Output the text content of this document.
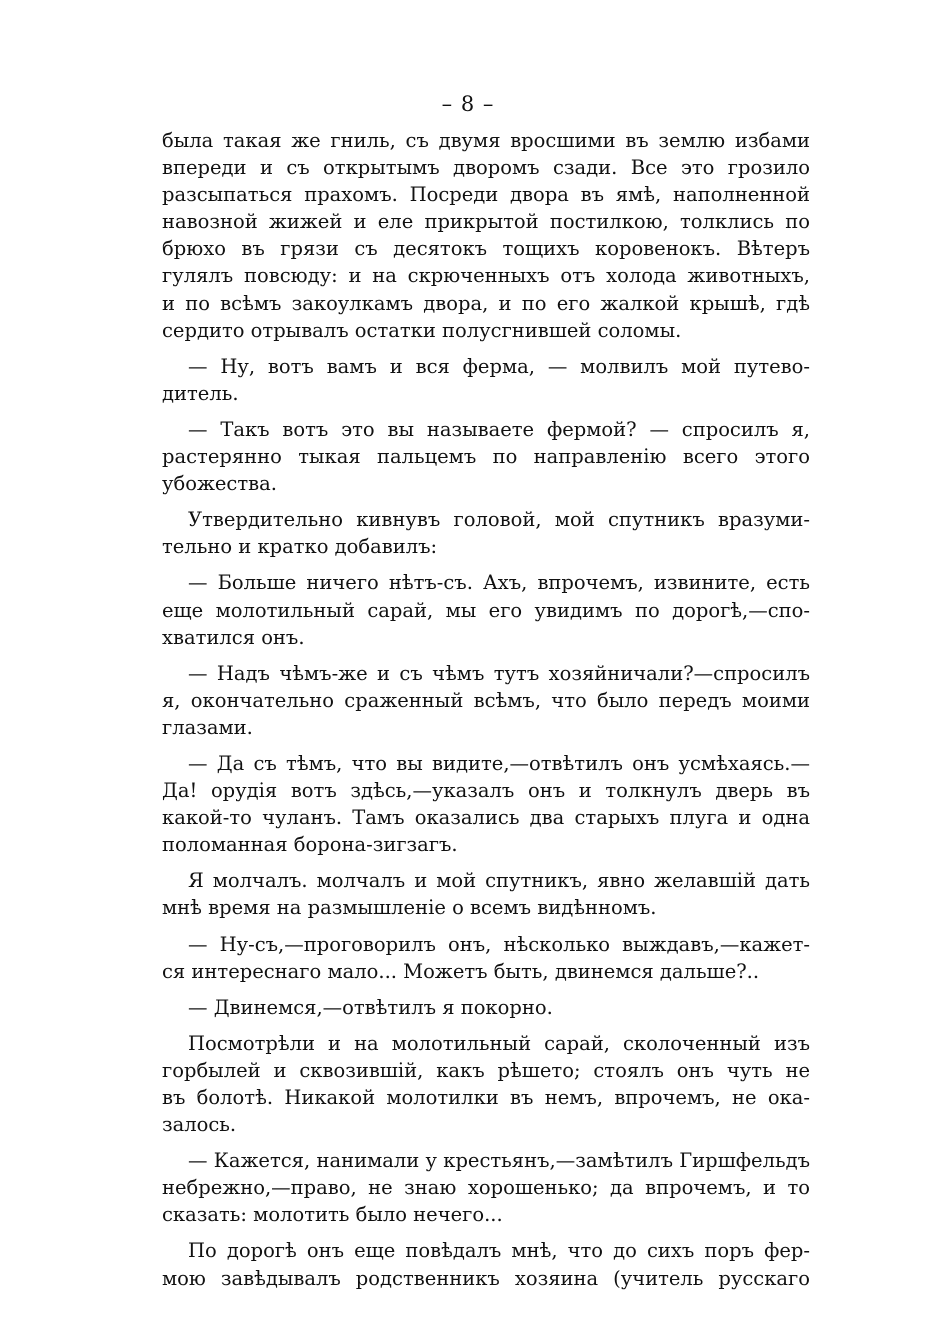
– 8 –
была такая же гниль, съ двумя вросшими въ землю избами
впереди и съ открытымъ дворомъ сзади. Все это грозило
разсыпаться прахомъ. Посреди двора въ ямѣ, наполненной
навозной жижей и еле прикрытой постилкою, толклись по
брюхо въ грязи съ десятокъ тощихъ коровенокъ. Вѣтеръ
гулялъ повсюду: и на скрюченныхъ отъ холода животныхъ,
и по всѣмъ закоулкамъ двора, и по его жалкой крышѣ, гдѣ
сердито отрывалъ остатки полусгнившей соломы.
— Ну, вотъ вамъ и вся ферма, — молвилъ мой путево-
дитель.
— Такъ вотъ это вы называете фермой? — спросилъ я,
растерянно тыкая пальцемъ по направленію всего этого
убожества.
Утвердительно кивнувъ головой, мой спутникъ вразуми-
тельно и кратко добавилъ:
— Больше ничего нѣтъ-съ. Ахъ, впрочемъ, извините, есть
еще молотильный сарай, мы его увидимъ по дорогѣ,—спо-
хватился онъ.
— Надъ чѣмъ-же и съ чѣмъ тутъ хозяйничали?—спросилъ
я, окончательно сраженный всѣмъ, что было передъ моими
глазами.
— Да съ тѣмъ, что вы видите,—отвѣтилъ онъ усмѣхаясь.—
Да! орудія вотъ здѣсь,—указалъ онъ и толкнулъ дверь въ
какой-то чуланъ. Тамъ оказались два старыхъ плуга и одна
поломанная борона-зигзагъ.
Я молчалъ. молчалъ и мой спутникъ, явно желавшій дать
мнѣ время на размышленіе о всемъ видѣнномъ.
— Ну-съ,—проговорилъ онъ, нѣсколько выждавъ,—кажет-
ся интереснаго мало... Можетъ быть, двинемся дальше?..
— Двинемся,—отвѣтилъ я покорно.
Посмотрѣли и на молотильный сарай, сколоченный изъ
горбылей и сквозившій, какъ рѣшето; стоялъ онъ чуть не
въ болотѣ. Никакой молотилки въ немъ, впрочемъ, не ока-
залось.
— Кажется, нанимали у крестьянъ,—замѣтилъ Гиршфельдъ
небрежно,—право, не знаю хорошенько; да впрочемъ, и то
сказать: молотить было нечего...
По дорогѣ онъ еще повѣдалъ мнѣ, что до сихъ поръ фер-
мою завѣдывалъ родственникъ хозяина (учитель русскаго
